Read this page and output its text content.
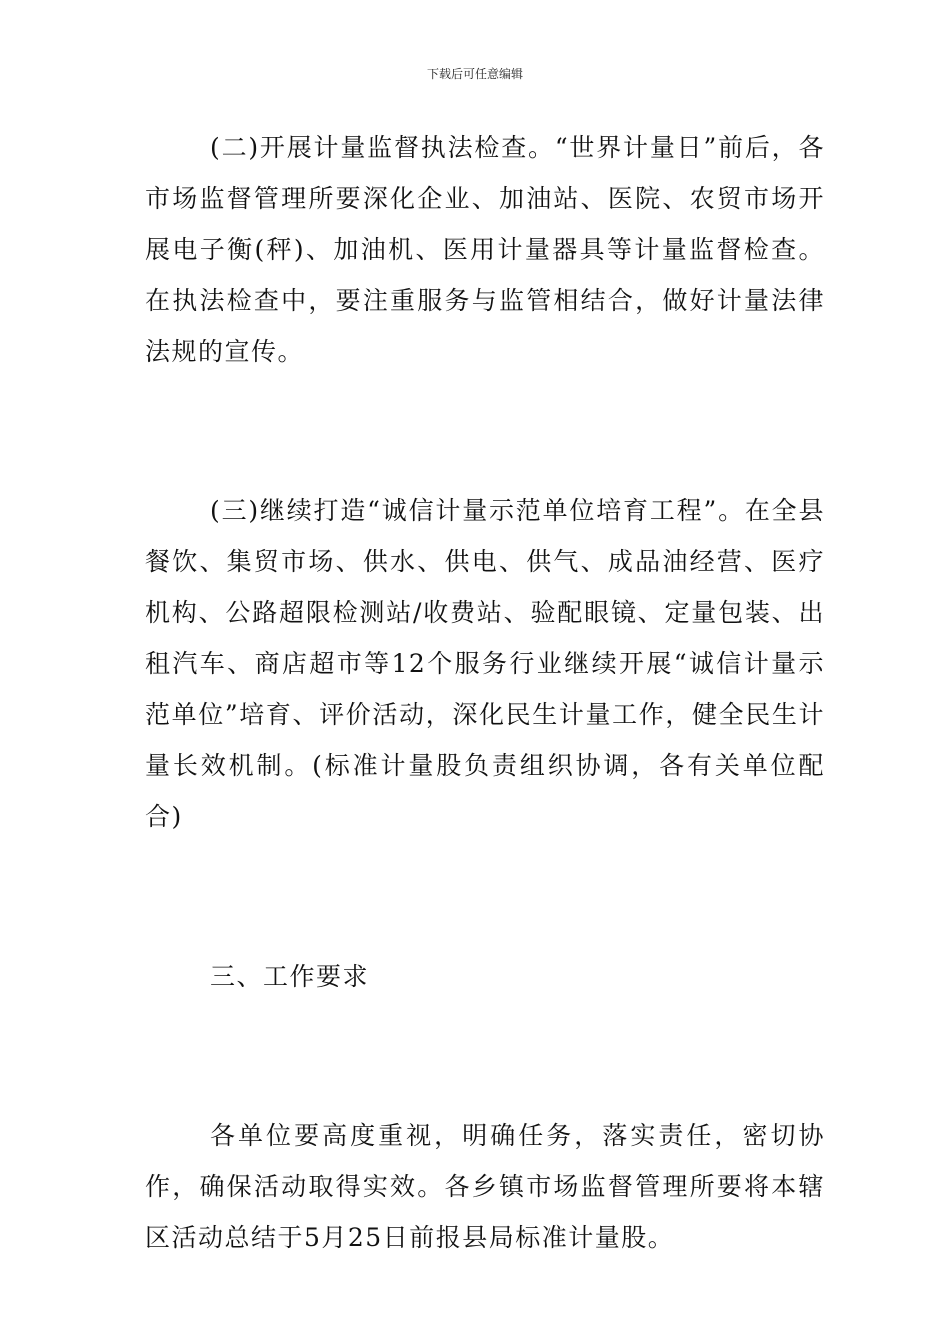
下载后可任意编辑

(二)开展计量监督执法检查。“世界计量日”前后，各市场监督管理所要深化企业、加油站、医院、农贸市场开展电子衡(秤)、加油机、医用计量器具等计量监督检查。在执法检查中，要注重服务与监管相结合，做好计量法律法规的宣传。

(三)继续打造“诚信计量示范单位培育工程”。在全县餐饮、集贸市场、供水、供电、供气、成品油经营、医疗机构、公路超限检测站/收费站、验配眼镜、定量包装、出租汽车、商店超市等12个服务行业继续开展“诚信计量示范单位”培育、评价活动，深化民生计量工作，健全民生计量长效机制。(标准计量股负责组织协调，各有关单位配合)

三、工作要求

各单位要高度重视，明确任务，落实责任，密切协作，确保活动取得实效。各乡镇市场监督管理所要将本辖区活动总结于5月25日前报县局标准计量股。
